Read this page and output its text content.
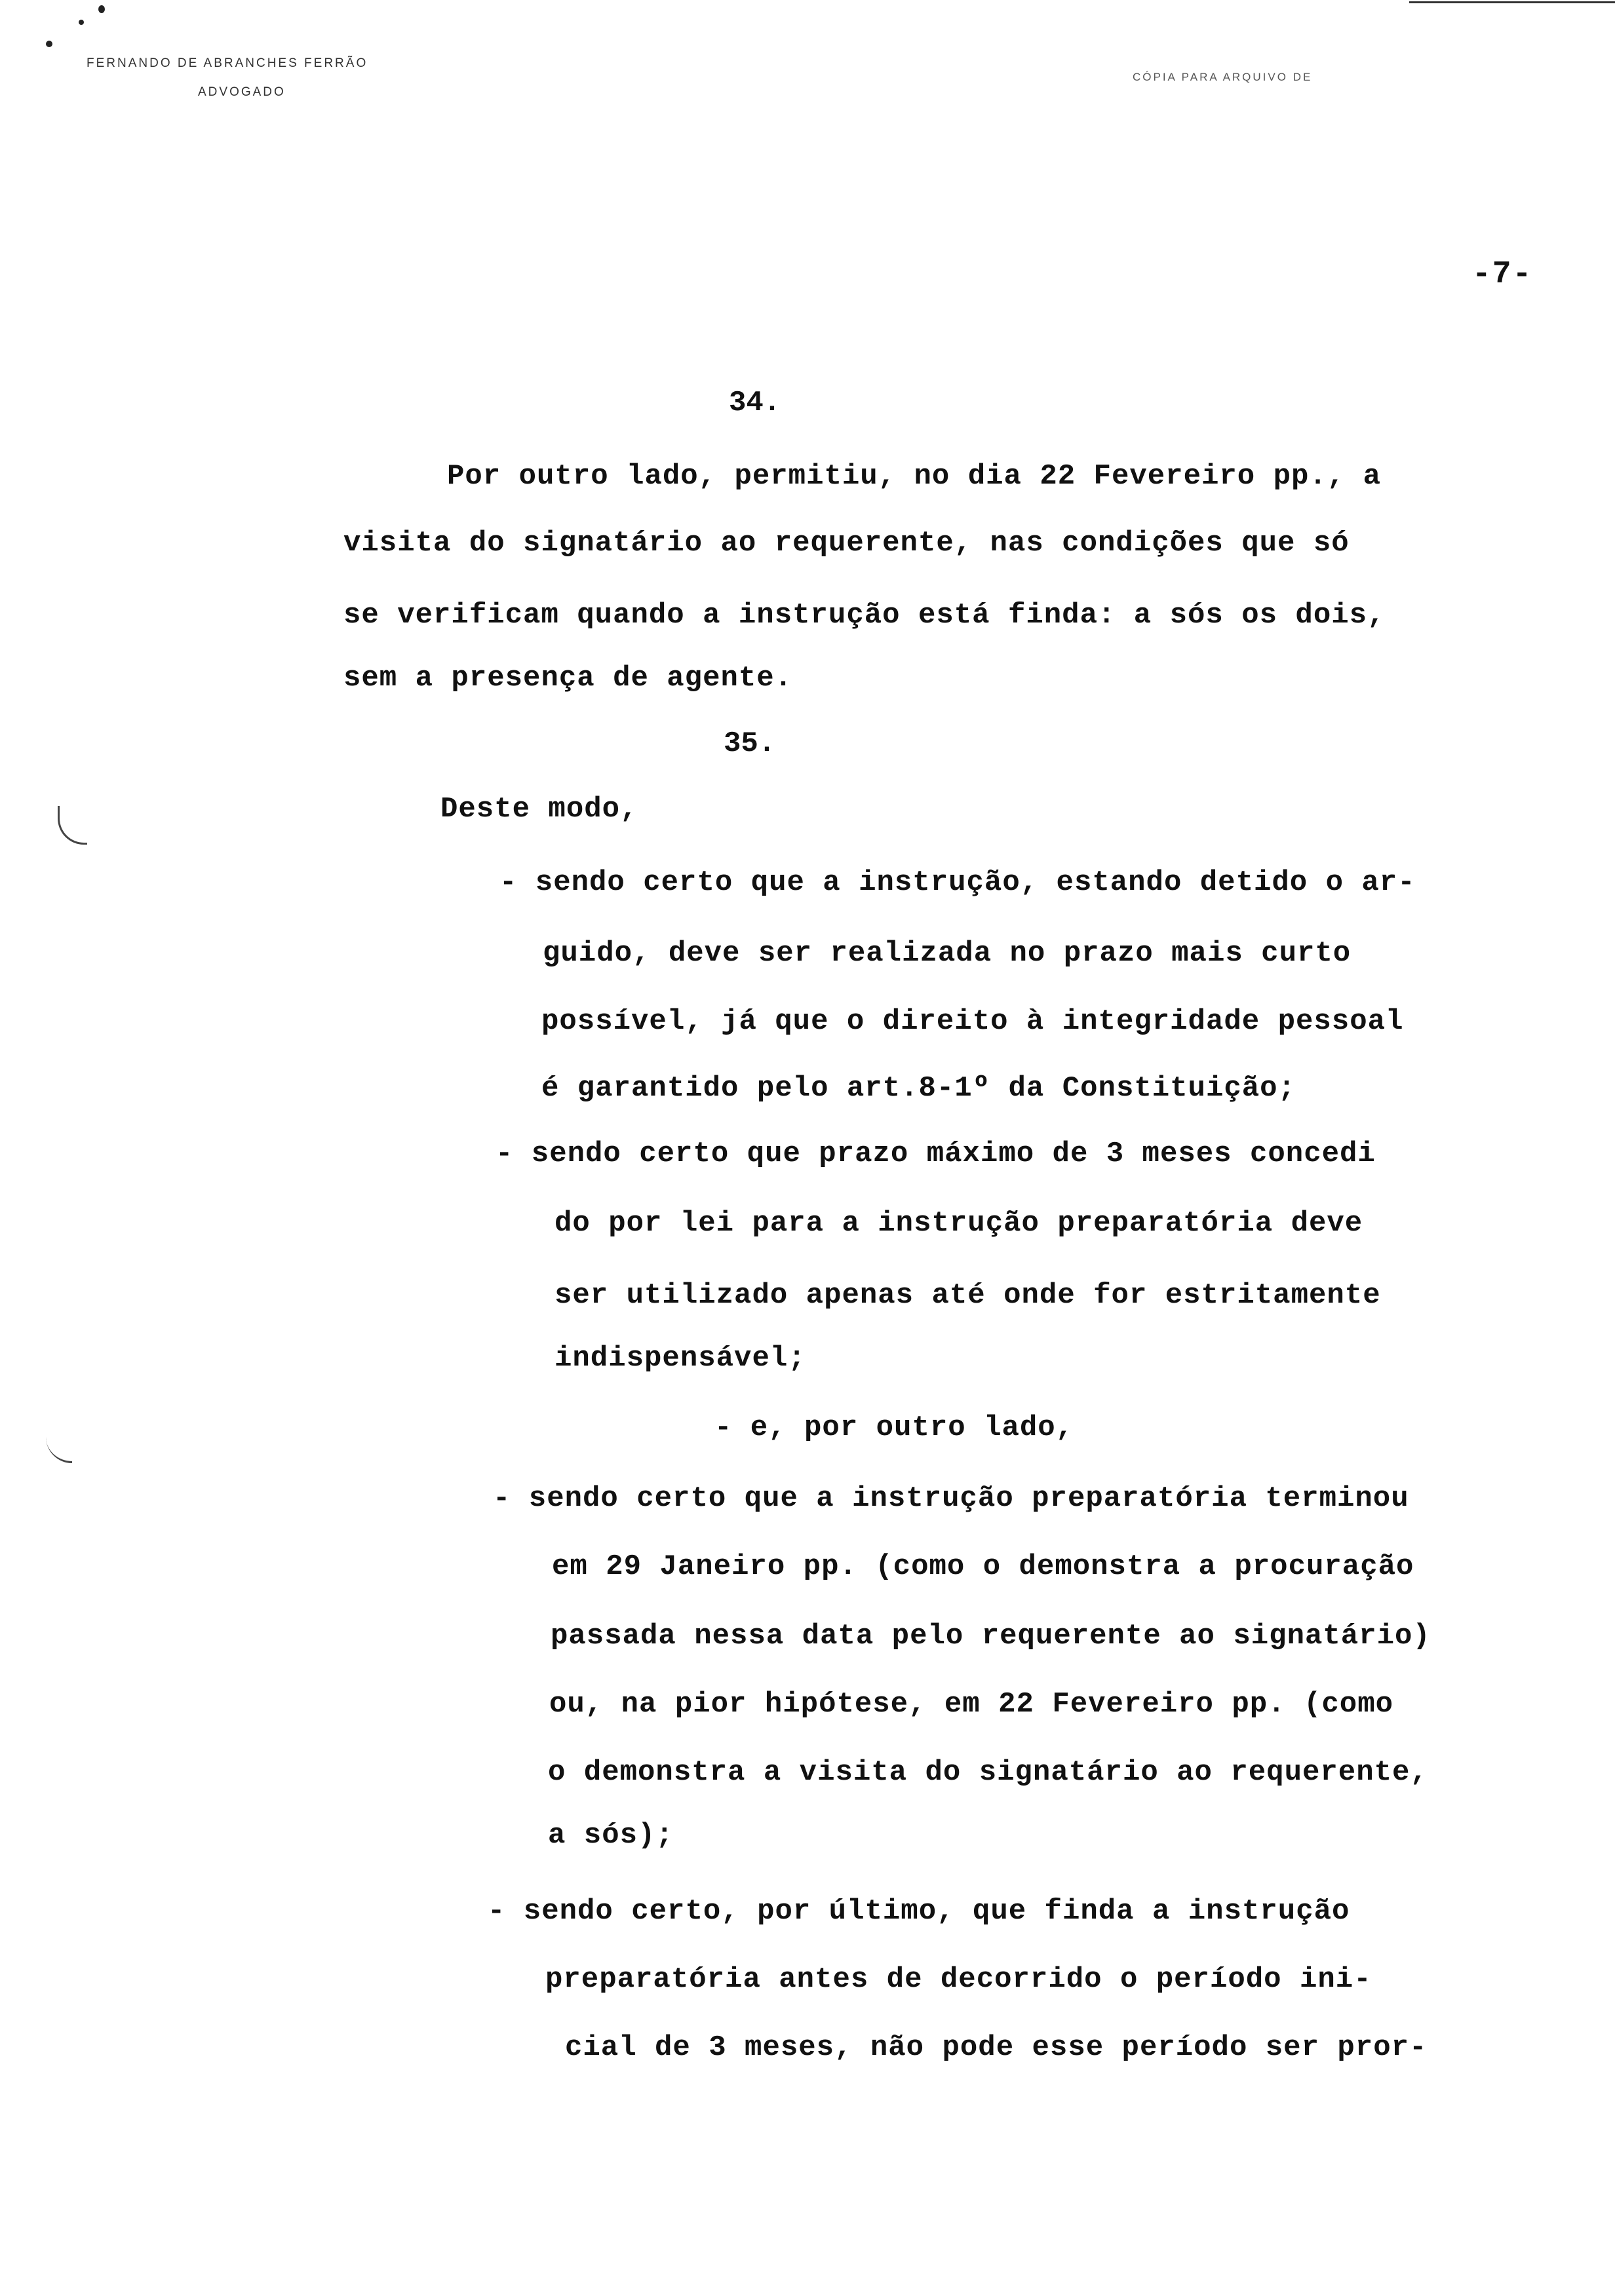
FERNANDO DE ABRANCHES FERRÃO
ADVOGADO
CÓPIA PARA ARQUIVO DE
-7-
34.
Por outro lado, permitiu, no dia 22 Fevereiro pp., a
visita do signatário ao requerente, nas condições que só
se verificam quando a instrução está finda: a sós os dois,
sem a presença de agente.
35.
Deste modo,
- sendo certo que a instrução, estando detido o ar-
guido, deve ser realizada no prazo mais curto
possível, já que o direito à integridade pessoal
é garantido pelo art.8-1º da Constituição;
- sendo certo que prazo máximo de 3 meses concedi
do por lei para a instrução preparatória deve
ser utilizado apenas até onde for estritamente
indispensável;
- e, por outro lado,
- sendo certo que a instrução preparatória terminou
em 29 Janeiro pp. (como o demonstra a procuração
passada nessa data pelo requerente ao signatário)
ou, na pior hipótese, em 22 Fevereiro pp. (como
o demonstra a visita do signatário ao requerente,
a sós);
- sendo certo, por último, que finda a instrução
preparatória antes de decorrido o período ini-
cial de 3 meses, não pode esse período ser pror-
